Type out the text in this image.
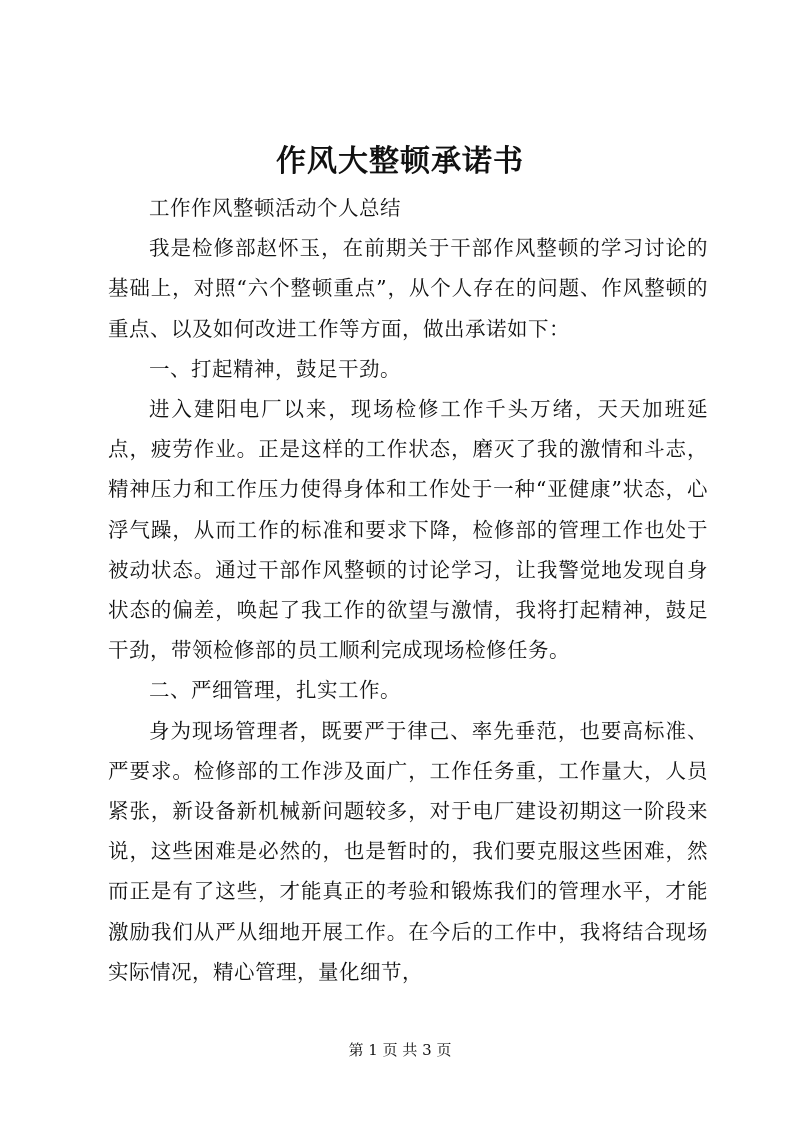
作风大整顿承诺书

工作作风整顿活动个人总结

我是检修部赵怀玉，在前期关于干部作风整顿的学习讨论的基础上，对照“六个整顿重点”，从个人存在的问题、作风整顿的重点、以及如何改进工作等方面，做出承诺如下：

一、打起精神，鼓足干劲。

进入建阳电厂以来，现场检修工作千头万绪，天天加班延点，疲劳作业。正是这样的工作状态，磨灭了我的激情和斗志，精神压力和工作压力使得身体和工作处于一种“亚健康”状态，心浮气躁，从而工作的标准和要求下降，检修部的管理工作也处于被动状态。通过干部作风整顿的讨论学习，让我警觉地发现自身状态的偏差，唤起了我工作的欲望与激情，我将打起精神，鼓足干劲，带领检修部的员工顺利完成现场检修任务。

二、严细管理，扎实工作。

身为现场管理者，既要严于律己、率先垂范，也要高标准、严要求。检修部的工作涉及面广，工作任务重，工作量大，人员紧张，新设备新机械新问题较多，对于电厂建设初期这一阶段来说，这些困难是必然的，也是暂时的，我们要克服这些困难，然而正是有了这些，才能真正的考验和锻炼我们的管理水平，才能激励我们从严从细地开展工作。在今后的工作中，我将结合现场实际情况，精心管理，量化细节，

第 1 页 共 3 页
